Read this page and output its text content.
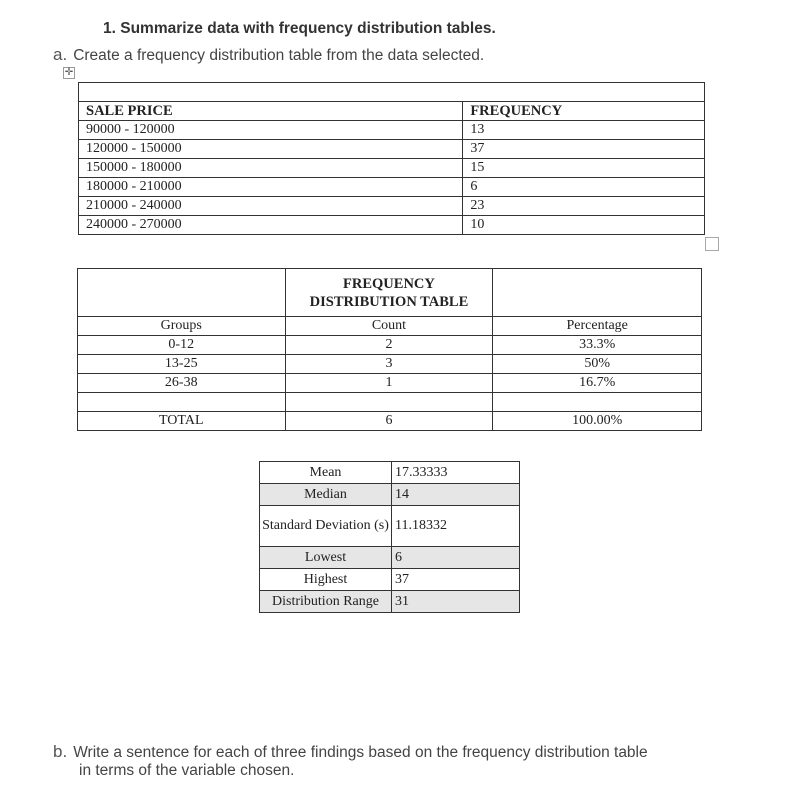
1. Summarize data with frequency distribution tables.
a. Create a frequency distribution table from the data selected.
✛

SALE PRICE	FREQUENCY
90000 - 120000	13
120000 - 150000	37
150000 - 180000	15
180000 - 210000	6
210000 - 240000	23
240000 - 270000	10

	FREQUENCY
DISTRIBUTION TABLE	

Groups	Count	Percentage
0-12	2	33.3%
13-25	3	50%
26-38	1	16.7%

TOTAL	6	100.00%
Mean	17.33333
Median	14
Standard Deviation (s)	11.18332
Lowest	6
Highest	37
Distribution Range	31
b. Write a sentence for each of three findings based on the frequency distribution table
in terms of the variable chosen.
